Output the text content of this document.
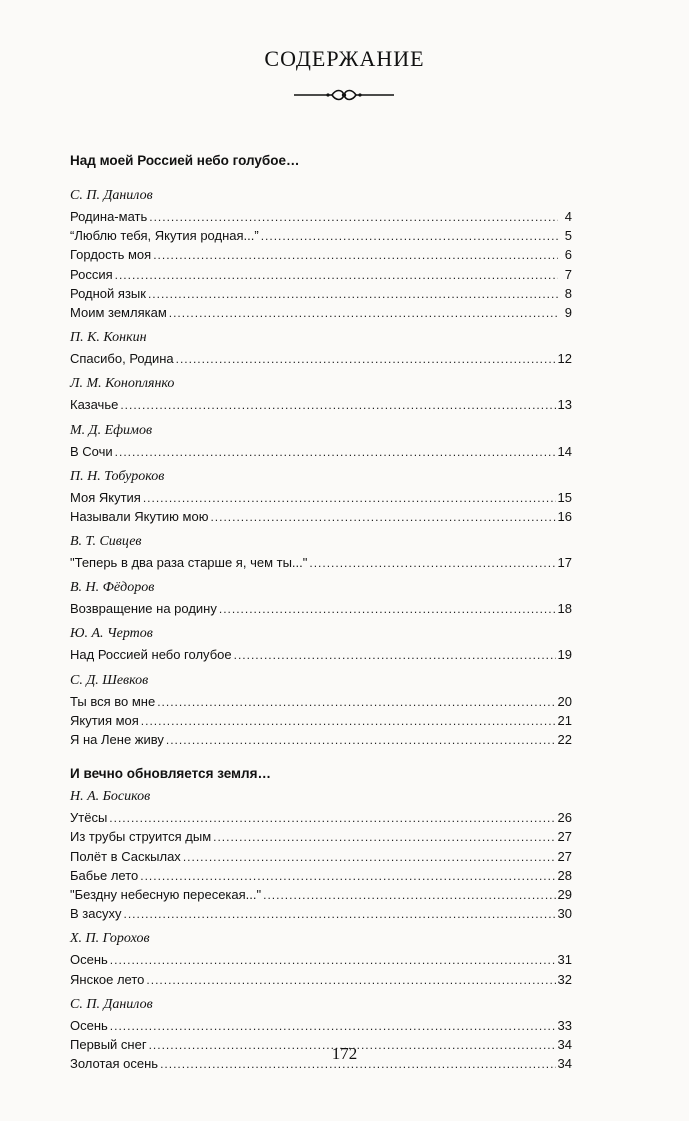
СОДЕРЖАНИЕ
Над моей Россией небо голубое…
С. П. Данилов
Родина-мать .....	4
“Люблю тебя, Якутия родная...” .....	5
Гордость моя .....	6
Россия .....	7
Родной язык .....	8
Моим землякам .....	9
П. К. Конкин
Спасибо, Родина .....	12
Л. М. Коноплянко
Казачье .....	13
М. Д. Ефимов
В Сочи .....	14
П. Н. Тобуроков
Моя Якутия .....	15
Называли Якутию мою .....	16
В. Т. Сивцев
"Теперь в два раза старше я, чем ты..." .....	17
В. Н. Фёдоров
Возвращение на родину .....	18
Ю. А. Чертов
Над Россией небо голубое .....	19
С. Д. Шевков
Ты вся во мне .....	20
Якутия моя .....	21
Я на Лене живу .....	22
И вечно обновляется земля…
Н. А. Босиков
Утёсы .....	26
Из трубы струится дым .....	27
Полёт в Саскылах .....	27
Бабье лето .....	28
"Бездну небесную пересекая..." .....	29
В засуху .....	30
Х. П. Горохов
Осень .....	31
Янское лето .....	32
С. П. Данилов
Осень .....	33
Первый снег .....	34
Золотая осень .....	34
172
